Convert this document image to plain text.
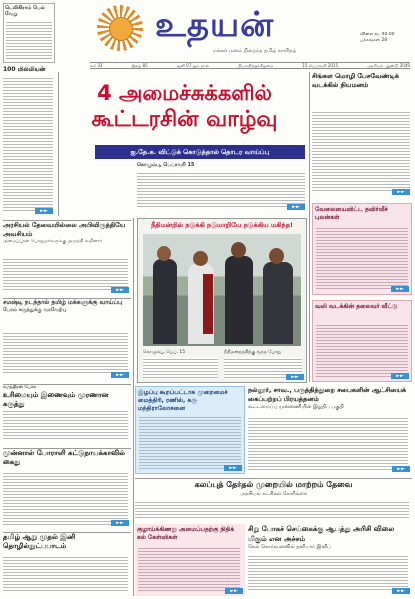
உதயன்
மக்கள் மனம் நிறைந்த தமிழ் நாளிதழ்
விலை ரூ. 40.00
பக்கங்கள் 28
கூர் 33	இதழ் 85	ஜனி 07ஆம் நாள்	நியாயிற்றுக்கிழமை	15 பெப்ரவரி 2015	அரசியல் ஆண்டு 2049
டெலிகிராம் பெல் வேறு
100 மில்லியன்
►►
அரசியல் தேவையில்லை அபிவிருத்தியே அவசியம்
அமைப்புகள் பொதுமக்களுக்கு அருந்தி கூறினார்
►►
சமஷ்டி நடந்தால் தமிழ் மக்களுக்கு வாய்ப்பு
பேரம் சுருத்துக்கு வரவேற்பு
►►
சுமந்திரன் பேச்சு
உரிமையும் இணைவும் முரணான கருத்து
முன்னாள் போராளி கட்டுநாயக்காவில் கைது
►►
தமிழ் ஆறு முதல் இனி தொழில்நுட்பபாடம்
4 அமைச்சுக்களில்
கூட்டரசின் வாழ்வு
ஐ.தே.க. விட்டுக் கொடுத்தால் தொடர வாய்ப்பு
கொழும்பு, பெப்ரவரி 15
►►
நீதிமன்றில் நடுக்கி நடுமாறியே நடுக்கிய மகிந்த!
கொழும்பு, பெப். 15	நீதிமன்றத்திற்கு வந்த போது
►►
சிங்கள மொழி பேசவேண்டிக் வடக்கில் நியமனம்
►►
வேலையைவிட்ட தவிர்வீச் புலன்கள்
►►
வலி வடக்கின் தலைவர் வீட்டு
►►
இழப்பு கூறப்பட்டாக முறைமைச் மைத்திரி, ரணில், கரு மந்திராலோசனை
►►
நல்லூர், சாவ., பருத்தித்துறை சபைகளின் ஆட்சியைக் கைப்பற்றப் பிரயத்தனம்
கூட்டமைப்பு முன்னணியின் இறுதிப் பகுதி
►►
கலப்புத் தேர்தல் முறையில் மாற்றம் தேவை
அரசியல் கட்சிகள் கோரிக்கை
குழாய்க்கிணறு அமைப்பதற்கு நிதிக் கல் கேள்விகள்
►►
சிறு போகச் செய்கைக்கு ஆபத்து அரிசி விலை மிகும் என அச்சம்
நெல் கொள்வனவில் தனியார் இனிப்
►►
